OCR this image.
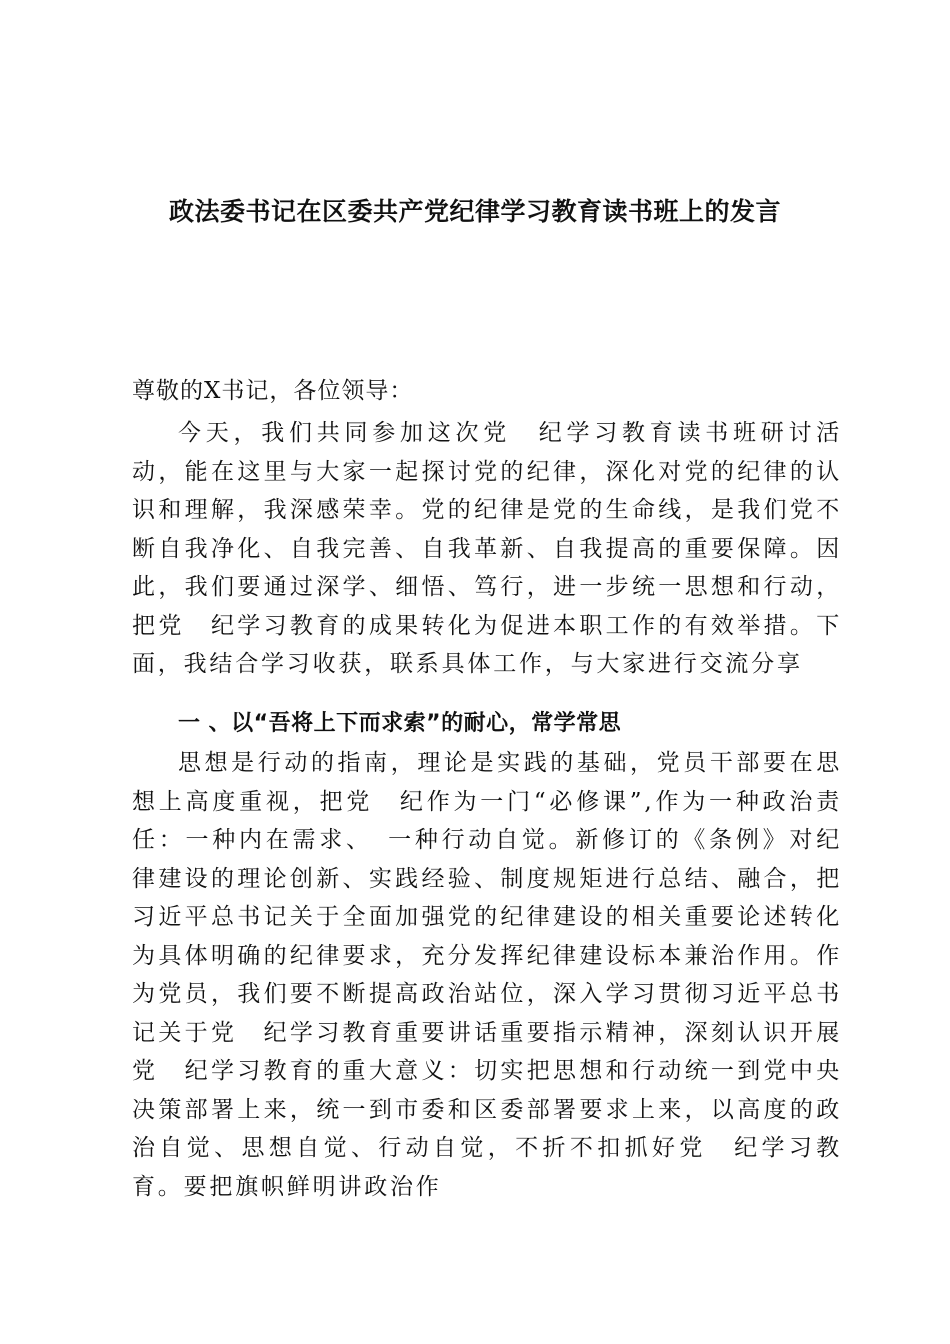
政法委书记在区委共产党纪律学习教育读书班上的发言
尊敬的X书记，各位领导：

今天，我们共同参加这次党　纪学习教育读书班研讨活动，能在这里与大家一起探讨党的纪律，深化对党的纪律的认识和理解，我深感荣幸。党的纪律是党的生命线，是我们党不断自我净化、自我完善、自我革新、自我提高的重要保障。因此，我们要通过深学、细悟、笃行，进一步统一思想和行动，把党　纪学习教育的成果转化为促进本职工作的有效举措。下面，我结合学习收获，联系具体工作，与大家进行交流分享

一 、以“吾将上下而求索”的耐心，常学常思

思想是行动的指南，理论是实践的基础，党员干部要在思想上高度重视，把党　纪作为一门“必修课”,作为一种政治责任：一种内在需求、　一种行动自觉。新修订的《条例》对纪律建设的理论创新、实践经验、制度规矩进行总结、融合，把习近平总书记关于全面加强党的纪律建设的相关重要论述转化为具体明确的纪律要求，充分发挥纪律建设标本兼治作用。作为党员，我们要不断提高政治站位，深入学习贯彻习近平总书记关于党　纪学习教育重要讲话重要指示精神，深刻认识开展党　纪学习教育的重大意义：切实把思想和行动统一到党中央决策部署上来，统一到市委和区委部署要求上来，以高度的政治自觉、思想自觉、行动自觉，不折不扣抓好党　纪学习教育。要把旗帜鲜明讲政治作
